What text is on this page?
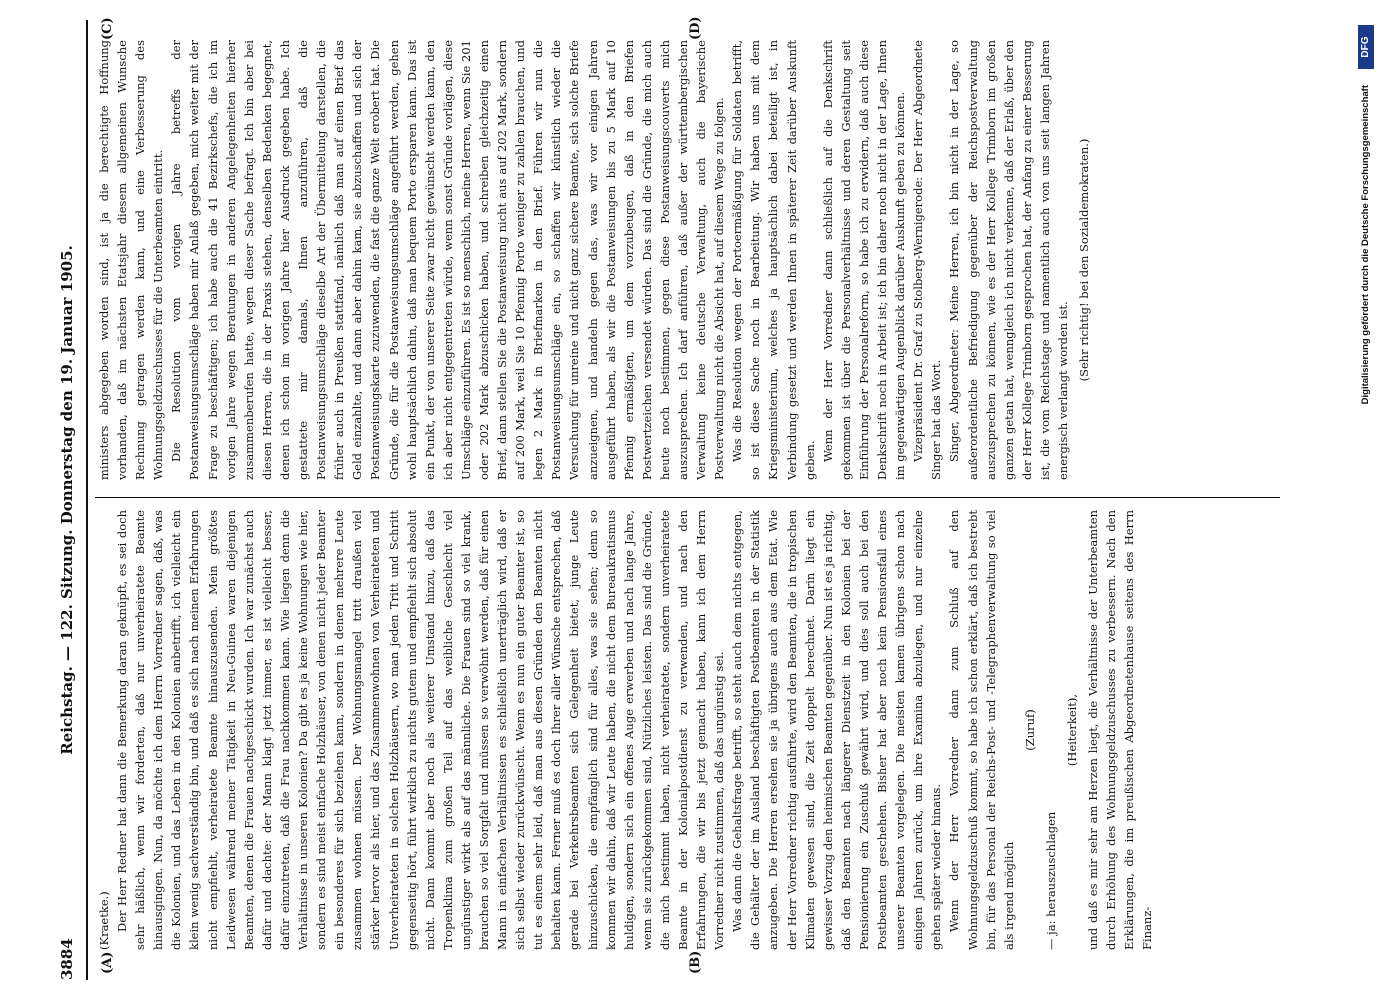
3884
Reichstag. — 122. Sitzung. Donnerstag den 19. Januar 1905.
(A)	(B)
(C)	(D)

(Kraetke.) Der Herr Redner hat dann die Bemerkung daran geknüpft, es sei doch sehr häßlich, wenn wir forderten, daß nur unverheiratete Beamte hinausgingen. Nun, da möchte ich dem Herrn Vorredner sagen, daß, was die Kolonien, und das Leben in den Kolonien anbetrifft, ich vielleicht ein klein wenig sachverständig bin, und daß es sich nach meinen Erfahrungen nicht empfiehlt, verheiratete Beamte hinauszusenden. Mein größtes Leidwesen während meiner Tätigkeit in Neu-Guinea waren diejenigen Beamten, denen die Frauen nachgeschickt wurden. Ich war zunächst auch dafür und dachte: der Mann klagt jetzt immer, es ist vielleicht besser, dafür einzutreten, daß die Frau nachkommen kann. Wie liegen denn die Verhältnisse in unseren Kolonien? Da gibt es ja keine Wohnungen wie hier, sondern es sind meist einfache Holzhäuser, von denen nicht jeder Beamter ein besonderes für sich beziehen kann, sondern in denen mehrere Leute zusammen wohnen müssen. Der Wohnungsmangel tritt draußen viel stärker hervor als hier, und das Zusammenwohnen von Verheirateten und Unverheirateten in solchen Holzhäusern, wo man jeden Tritt und Schritt gegenseitig hört, führt wirklich zu nichts gutem und empfiehlt sich absolut nicht. Dann kommt aber noch als weiterer Umstand hinzu, daß das Tropenklima zum großen Teil auf das weibliche Geschlecht viel ungünstiger wirkt als auf das männliche. Die Frauen sind so viel krank, brauchen so viel Sorgfalt und müssen so verwöhnt werden, daß für einen Mann in einfachen Verhältnissen es schließlich unerträglich wird, daß er sich selbst wieder zurückwünscht. Wenn es nun ein guter Beamter ist, so tut es einem sehr leid, daß man aus diesen Gründen den Beamten nicht behalten kann. Ferner muß es doch Ihrer aller Wünsche entsprechen, daß gerade bei Verkehrsbeamten sich Gelegenheit bietet, junge Leute hinzuschicken, die empfänglich sind für alles, was sie sehen; denn so kommen wir dahin, daß wir Leute haben, die nicht dem Bureaukratismus huldigen, sondern sich ein offenes Auge erwerben und nach lange Jahre, wenn sie zurückgekommen sind, Nützliches leisten. Das sind die Gründe, die mich bestimmt haben, nicht verheiratete, sondern unverheiratete Beamte in der Kolonialpostdienst zu verwenden, und nach den Erfahrungen, die wir bis jetzt gemacht haben, kann ich dem Herrn Vorredner nicht zustimmen, daß das ungünstig sei. Was dann die Gehaltsfrage betrifft, so steht auch dem nichts entgegen, die Gehälter der im Ausland beschäftigten Postbeamten in der Statistik anzugeben. Die Herren ersehen sie ja übrigens auch aus dem Etat. Wie der Herr Vorredner richtig ausführte, wird den Beamten, die in tropischen Klimaten gewesen sind, die Zeit doppelt berechnet. Darin liegt ein gewisser Vorzug den heimischen Beamten gegenüber. Nun ist es ja richtig, daß den Beamten nach längerer Dienstzeit in den Kolonien bei der Pensionierung ein Zuschuß gewährt wird, und dies soll auch bei den Postbeamten geschehen. Bisher hat aber noch kein Pensionsfall eines unserer Beamten vorgelegen. Die meisten kamen übrigens schon nach einigen Jahren zurück, um ihre Examina abzulegen, und nur einzelne gehen später wieder hinaus. Wenn der Herr Vorredner dann zum Schluß auf den Wohnungsgeldzuschuß kommt, so habe ich schon erklärt, daß ich bestrebt bin, für das Personal der Reichs-Post- und -Telegraphenverwaltung so viel als irgend möglich

(Zuruf)

— ja: herauszuschlagen

(Heiterkeit), und daß es mir sehr am Herzen liegt, die Verhältnisse der Unterbeamten durch Erhöhung des Wohnungsgeldzuschusses zu verbessern. Nach den Erklärungen, die im preußischen Abgeordnetenhause seitens des Herrn Finanz-

ministers abgegeben worden sind, ist ja die berechtigte Hoffnung vorhanden, daß im nächsten Etatsjahr diesem allgemeinen Wunsche Rechnung getragen werden kann, und eine Verbesserung des Wohnungsgeldzuschusses für die Unterbeamten eintritt. Die Resolution vom vorigen Jahre betreffs der Postanweisungsumschläge haben mir Anlaß gegeben, mich weiter mit der Frage zu beschäftigen; ich habe auch die 41 Bezirkschefs, die ich im vorigen Jahre wegen Beratungen in anderen Angelegenheiten hierher zusammenberufen hatte, wegen dieser Sache befragt. Ich bin aber bei diesen Herren, die in der Praxis stehen, denselben Bedenken begegnet, denen ich schon im vorigen Jahre hier Ausdruck gegeben habe. Ich gestattete mir damals, Ihnen anzuführen, daß die Postanweisungsumschläge dieselbe Art der Übermittelung darstellen, die früher auch in Preußen stattfand, nämlich daß man auf einen Brief das Geld einzahlte, und dann aber dahin kam, sie abzuschaffen und sich der Postanweisungskarte zuzuwenden, die fast die ganze Welt erobert hat. Die Gründe, die für die Postanweisungsumschläge angeführt werden, gehen wohl hauptsächlich dahin, daß man bequem Porto ersparen kann. Das ist ein Punkt, der von unserer Seite zwar nicht gewünscht werden kann, den ich aber nicht entgegentreten würde, wenn sonst Gründe vorlägen, diese Umschläge einzuführen. Es ist so menschlich, meine Herren, wenn Sie 201 oder 202 Mark abzuschicken haben, und schreiben gleichzeitig einen Brief, dann stellen Sie die Postanweisung nicht aus auf 202 Mark, sondern auf 200 Mark, weil Sie 10 Pfennig Porto weniger zu zahlen brauchen, und legen 2 Mark in Briefmarken in den Brief. Führen wir nun die Postanweisungsumschläge ein, so schaffen wir künstlich wieder die Versuchung für unreine und nicht ganz sichere Beamte, sich solche Briefe anzueignen, und handeln gegen das, was wir vor einigen Jahren ausgeführt haben, als wir die Postanweisungen bis zu 5 Mark auf 10 Pfennig ermäßigten, um dem vorzubeugen, daß in den Briefen Postwertzeichen versendet würden. Das sind die Gründe, die mich auch heute noch bestimmen, gegen diese Postanweisungscouverts mich auszusprechen. Ich darf anführen, daß außer der württembergischen Verwaltung keine deutsche Verwaltung, auch die bayerische Postverwaltung nicht die Absicht hat, auf diesem Wege zu folgen. Was die Resolution wegen der Portoermäßigung für Soldaten betrifft, so ist diese Sache noch in Bearbeitung. Wir haben uns mit dem Kriegsministerium, welches ja hauptsächlich dabei beteiligt ist, in Verbindung gesetzt und werden Ihnen in späterer Zeit darüber Auskunft geben. Wenn der Herr Vorredner dann schließlich auf die Denkschrift gekommen ist über die Personalverhältnisse und deren Gestaltung seit Einführung der Personalreform, so habe ich zu erwidern, daß auch diese Denkschrift noch in Arbeit ist; ich bin daher noch nicht in der Lage, Ihnen im gegenwärtigen Augenblick darüber Auskunft geben zu können. Vizepräsident Dr. Graf zu Stolberg-Wernigerode: Der Herr Abgeordnete Singer hat das Wort. Singer, Abgeordneter: Meine Herren, ich bin nicht in der Lage, so außerordentliche Befriedigung gegenüber der Reichspostverwaltung auszusprechen zu können, wie es der Herr Kollege Trimborn im großen ganzen getan hat, wenngleich ich nicht verkenne, daß der Erlaß, über den der Herr Kollege Trimborn gesprochen hat, der Anfang zu einer Besserung ist, die vom Reichstage und namentlich auch von uns seit langen Jahren energisch verlangt worden ist.

(Sehr richtig! bei den Sozialdemokraten.)	Digitalisierung gefördert durch die Deutsche Forschungsgemeinschaft
DFG
